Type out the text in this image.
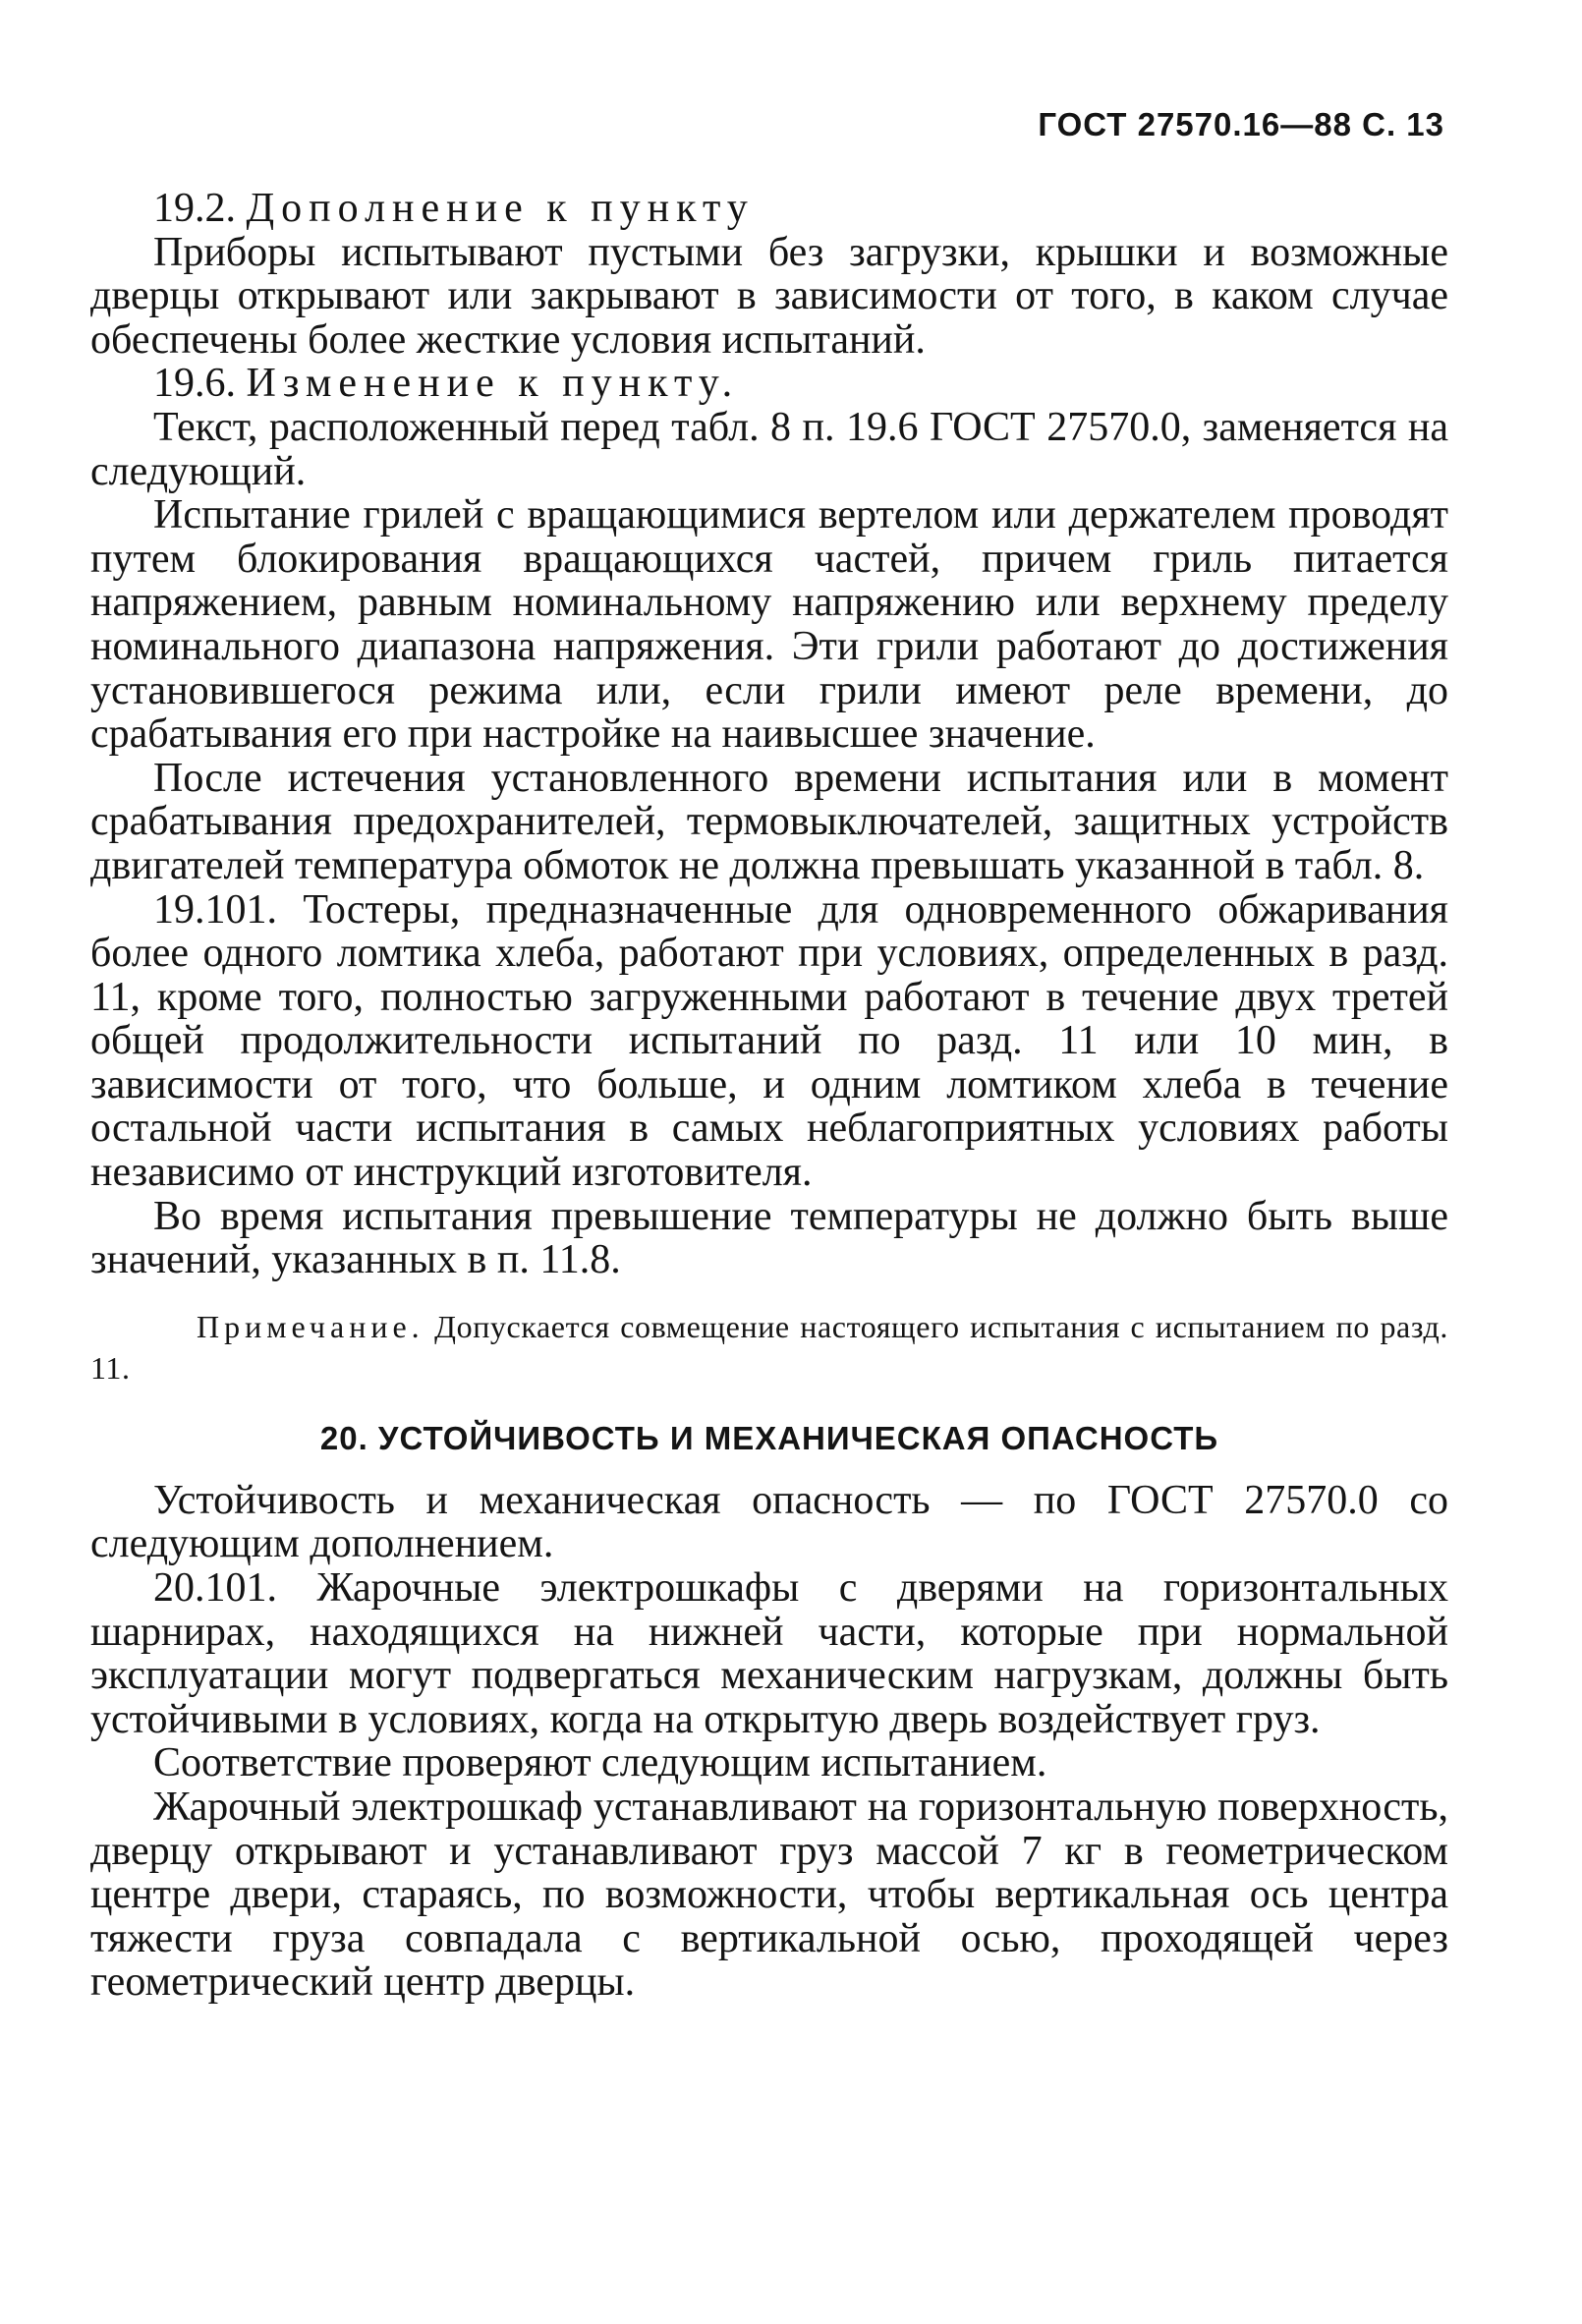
ГОСТ 27570.16—88 С. 13

19.2. Дополнение к пункту

Приборы испытывают пустыми без загрузки, крышки и возможные дверцы открывают или закрывают в зависимости от того, в каком случае обеспечены более жесткие условия испытаний.

19.6. Изменение к пункту.

Текст, расположенный перед табл. 8 п. 19.6 ГОСТ 27570.0, заменяется на следующий.

Испытание грилей с вращающимися вертелом или держателем проводят путем блокирования вращающихся частей, причем гриль питается напряжением, равным номинальному напряжению или верхнему пределу номинального диапазона напряжения. Эти грили работают до достижения установившегося режима или, если грили имеют реле времени, до срабатывания его при настройке на наивысшее значение.

После истечения установленного времени испытания или в момент срабатывания предохранителей, термовыключателей, защитных устройств двигателей температура обмоток не должна превышать указанной в табл. 8.

19.101. Тостеры, предназначенные для одновременного обжаривания более одного ломтика хлеба, работают при условиях, определенных в разд. 11, кроме того, полностью загруженными работают в течение двух третей общей продолжительности испытаний по разд. 11 или 10 мин, в зависимости от того, что больше, и одним ломтиком хлеба в течение остальной части испытания в самых неблагоприятных условиях работы независимо от инструкций изготовителя.

Во время испытания превышение температуры не должно быть выше значений, указанных в п. 11.8.

Примечание. Допускается совмещение настоящего испытания с испытанием по разд. 11.

20. УСТОЙЧИВОСТЬ И МЕХАНИЧЕСКАЯ ОПАСНОСТЬ

Устойчивость и механическая опасность — по ГОСТ 27570.0 со следующим дополнением.

20.101. Жарочные электрошкафы с дверями на горизонтальных шарнирах, находящихся на нижней части, которые при нормальной эксплуатации могут подвергаться механическим нагрузкам, должны быть устойчивыми в условиях, когда на открытую дверь воздействует груз.

Соответствие проверяют следующим испытанием.

Жарочный электрошкаф устанавливают на горизонтальную поверхность, дверцу открывают и устанавливают груз массой 7 кг в геометрическом центре двери, стараясь, по возможности, чтобы вертикальная ось центра тяжести груза совпадала с вертикальной осью, проходящей через геометрический центр дверцы.
